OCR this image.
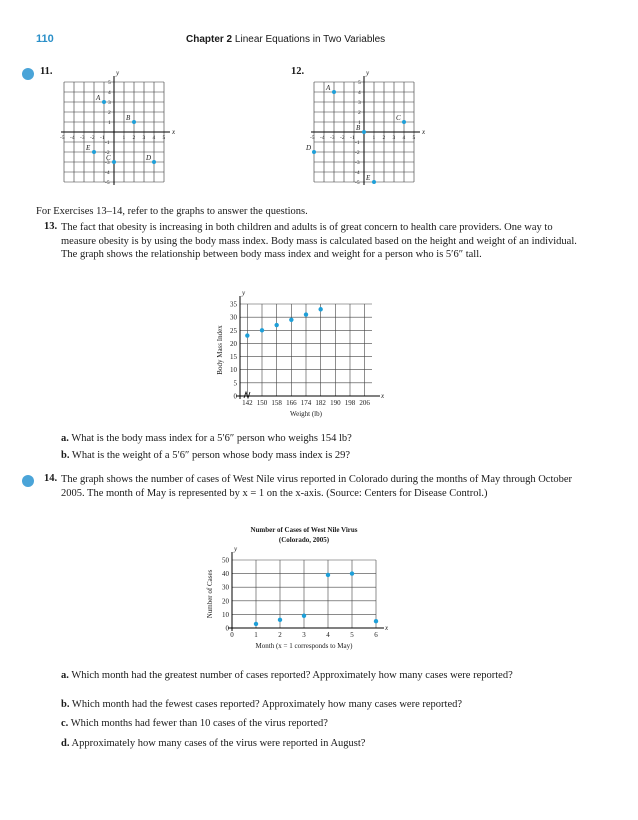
110	Chapter 2 Linear Equations in Two Variables
11.
x
y
-5
-5
-4
-4
-3
-3
-2
-2
-1
-1
1
1
2
2
3
3
4
4
5
5
A
B
C	D
E
12.
x
y
-5
-5
-4
-4
-3
-3
-2
-2
-1
-1
1
1
2
2
3
3
4
4
5
5
A
B
C
D
E
For Exercises 13–14, refer to the graphs to answer the questions.
13. The fact that obesity is increasing in both children and adults is of great concern to health care providers. One way to measure obesity is by using the body mass index. Body mass is calculated based on the height and weight of an individual. The graph shows the relationship between body mass index and weight for a person who is 5′6″ tall.
x
y
142 150 158 166 174 182 190 198 206
0
5
10
15
20
25
30
35
Weight (lb)
Body Mass Index
a. What is the body mass index for a 5′6″ person who weighs 154 lb?
b. What is the weight of a 5′6″ person whose body mass index is 29?
14. The graph shows the number of cases of West Nile virus reported in Colorado during the months of May through October 2005. The month of May is represented by x = 1 on the x-axis. (Source: Centers for Disease Control.)
x
y
0	1	2	3	4	5	6
0
10
20
30
40
50
Month (x = 1 corresponds to May)
Number of Cases
Number of Cases of West Nile Virus
(Colorado, 2005)
a. Which month had the greatest number of cases reported? Approximately how many cases were reported?
b. Which month had the fewest cases reported? Approximately how many cases were reported?
c. Which months had fewer than 10 cases of the virus reported?
d. Approximately how many cases of the virus were reported in August?
